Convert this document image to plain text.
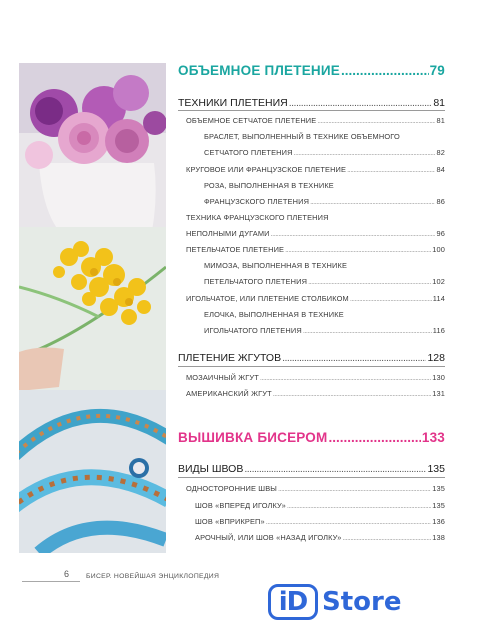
ОБЪЕМНОЕ ПЛЕТЕНИЕ .....	79
ТЕХНИКИ ПЛЕТЕНИЯ .....	81
ОБЪЕМНОЕ СЕТЧАТОЕ ПЛЕТЕНИЕ .....	81
БРАСЛЕТ, ВЫПОЛНЕННЫЙ В ТЕХНИКЕ ОБЪЕМНОГО
СЕТЧАТОГО ПЛЕТЕНИЯ .....	82
КРУГОВОЕ ИЛИ ФРАНЦУЗСКОЕ ПЛЕТЕНИЕ .....	84
РОЗА, ВЫПОЛНЕННАЯ В ТЕХНИКЕ
ФРАНЦУЗСКОГО ПЛЕТЕНИЯ .....	86
ТЕХНИКА ФРАНЦУЗСКОГО ПЛЕТЕНИЯ
НЕПОЛНЫМИ ДУГАМИ .....	96
ПЕТЕЛЬЧАТОЕ ПЛЕТЕНИЕ .....	100
МИМОЗА, ВЫПОЛНЕННАЯ В ТЕХНИКЕ
ПЕТЕЛЬЧАТОГО ПЛЕТЕНИЯ .....	102
ИГОЛЬЧАТОЕ, ИЛИ ПЛЕТЕНИЕ СТОЛБИКОМ .....	114
ЕЛОЧКА, ВЫПОЛНЕННАЯ В ТЕХНИКЕ
ИГОЛЬЧАТОГО ПЛЕТЕНИЯ .....	116
ПЛЕТЕНИЕ ЖГУТОВ .....	128
МОЗАИЧНЫЙ ЖГУТ .....	130
АМЕРИКАНСКИЙ ЖГУТ .....	131
ВЫШИВКА БИСЕРОМ .....	133
ВИДЫ ШВОВ .....	135
ОДНОСТОРОННИЕ ШВЫ .....	135
ШОВ «ВПЕРЕД ИГОЛКУ» .....	135
ШОВ «ВПРИКРЕП» .....	136
АРОЧНЫЙ, ИЛИ ШОВ «НАЗАД ИГОЛКУ» .....	138
6 БИСЕР. НОВЕЙШАЯ ЭНЦИКЛОПЕДИЯ
iD Store
